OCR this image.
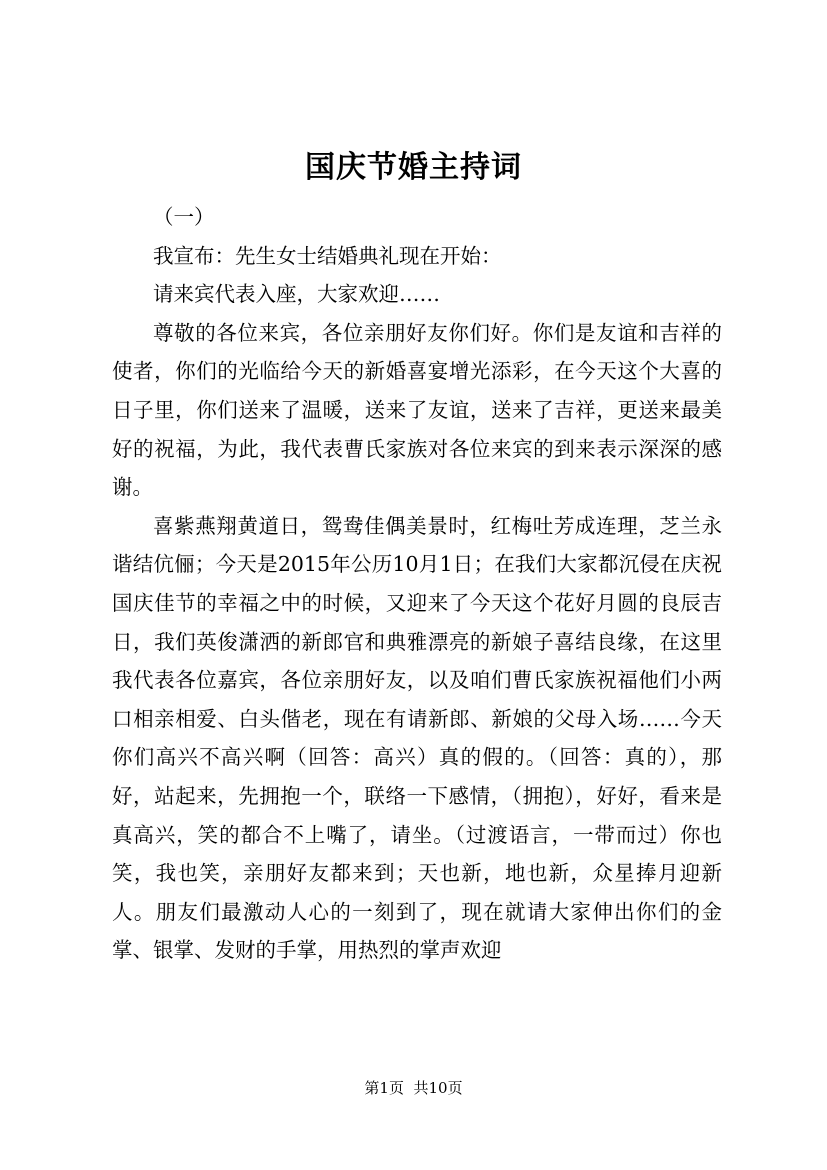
国庆节婚主持词

（一）

我宣布：先生女士结婚典礼现在开始：

请来宾代表入座，大家欢迎……

尊敬的各位来宾，各位亲朋好友你们好。你们是友谊和吉祥的使者，你们的光临给今天的新婚喜宴增光添彩，在今天这个大喜的日子里，你们送来了温暖，送来了友谊，送来了吉祥，更送来最美好的祝福，为此，我代表曹氏家族对各位来宾的到来表示深深的感谢。

喜紫燕翔黄道日，鸳鸯佳偶美景时，红梅吐芳成连理，芝兰永谐结伉俪；今天是2015年公历10月1日；在我们大家都沉侵在庆祝国庆佳节的幸福之中的时候，又迎来了今天这个花好月圆的良辰吉日，我们英俊潇洒的新郎官和典雅漂亮的新娘子喜结良缘，在这里我代表各位嘉宾，各位亲朋好友，以及咱们曹氏家族祝福他们小两口相亲相爱、白头偕老，现在有请新郎、新娘的父母入场……今天你们高兴不高兴啊（回答：高兴）真的假的。（回答：真的），那好，站起来，先拥抱一个，联络一下感情，（拥抱），好好，看来是真高兴，笑的都合不上嘴了，请坐。（过渡语言，一带而过）你也笑，我也笑，亲朋好友都来到；天也新，地也新，众星捧月迎新人。朋友们最激动人心的一刻到了，现在就请大家伸出你们的金掌、银掌、发财的手掌，用热烈的掌声欢迎

第1页  共10页
